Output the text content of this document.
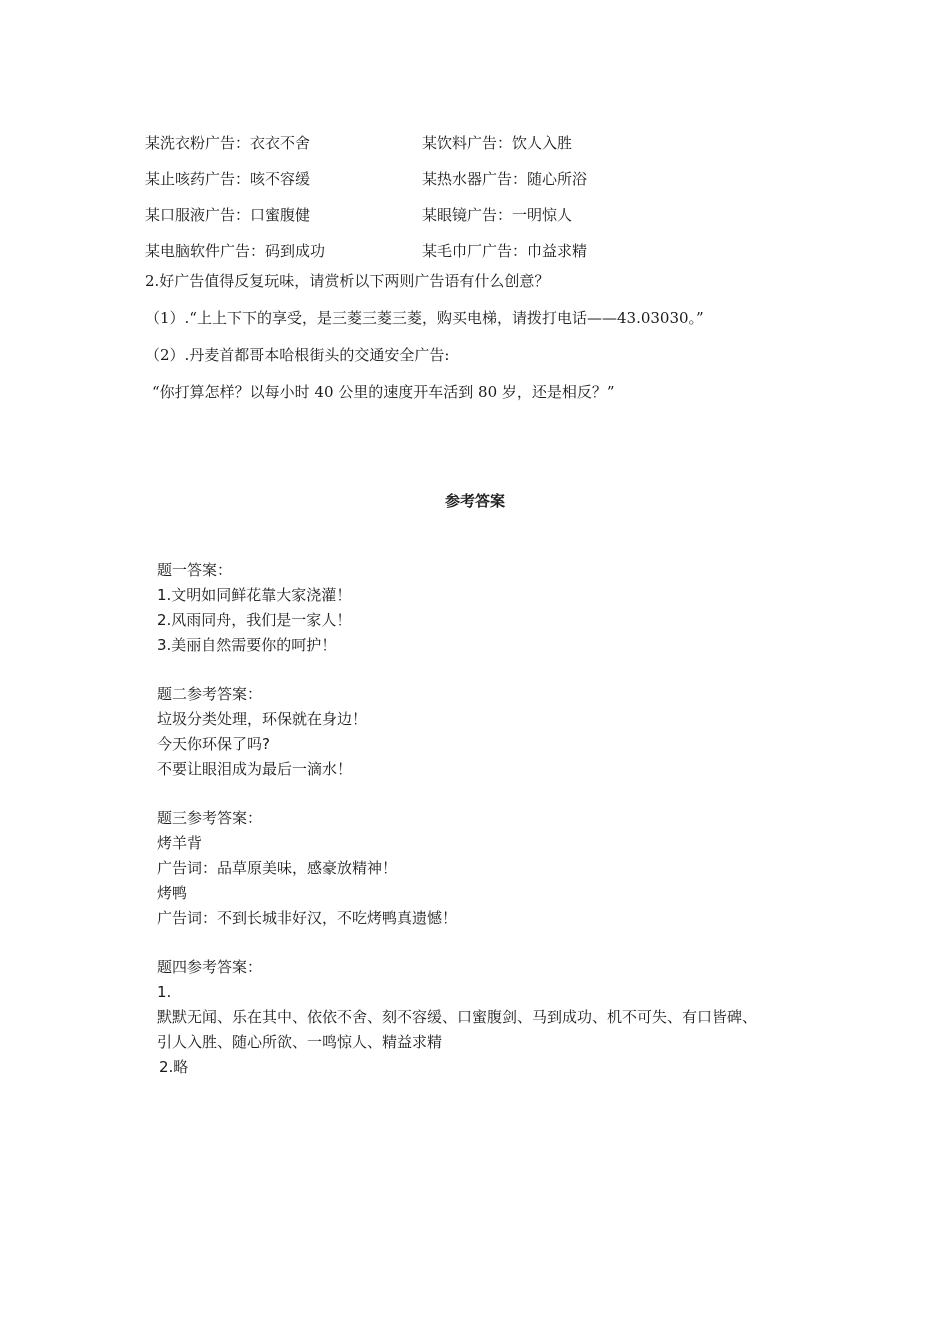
某洗衣粉广告：衣衣不舍	某饮料广告：饮人入胜
某止咳药广告：咳不容缓	某热水器广告：随心所浴
某口服液广告：口蜜腹健	某眼镜广告：一明惊人
某电脑软件广告：码到成功	某毛巾厂广告：巾益求精
2.好广告值得反复玩味，请赏析以下两则广告语有什么创意？
（1）.“上上下下的享受，是三菱三菱三菱，购买电梯，请拨打电话——43.03030。”
（2）.丹麦首都哥本哈根街头的交通安全广告:
“你打算怎样？以每小时 40 公里的速度开车活到 80 岁，还是相反？”
参考答案
题一答案：
1.文明如同鲜花靠大家浇灌！
2.风雨同舟，我们是一家人！
3.美丽自然需要你的呵护！
题二参考答案：
垃圾分类处理，环保就在身边！
今天你环保了吗?
不要让眼泪成为最后一滴水！
题三参考答案：
烤羊背
广告词：品草原美味，感豪放精神！
烤鸭
广告词：不到长城非好汉，不吃烤鸭真遗憾！
题四参考答案：
1.
默默无闻、乐在其中、依依不舍、刻不容缓、口蜜腹剑、马到成功、机不可失、有口皆碑、
引人入胜、随心所欲、一鸣惊人、精益求精
2.略
